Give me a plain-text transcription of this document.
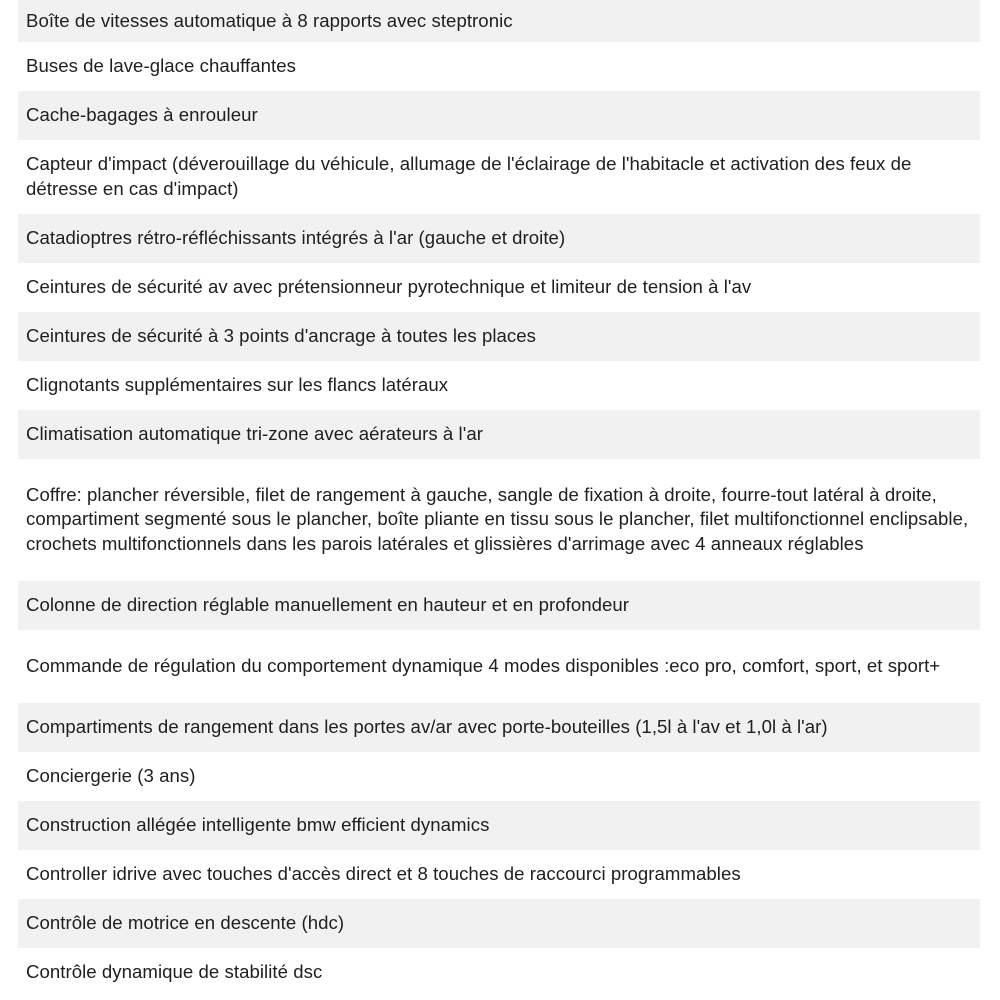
Boîte de vitesses automatique à 8 rapports avec steptronic
Buses de lave-glace chauffantes
Cache-bagages à enrouleur
Capteur d'impact (déverouillage du véhicule, allumage de l'éclairage de l'habitacle et activation des feux de détresse en cas d'impact)
Catadioptres rétro-réfléchissants intégrés à l'ar (gauche et droite)
Ceintures de sécurité av avec prétensionneur pyrotechnique et limiteur de tension à l'av
Ceintures de sécurité à 3 points d'ancrage à toutes les places
Clignotants supplémentaires sur les flancs latéraux
Climatisation automatique tri-zone avec aérateurs à l'ar
Coffre: plancher réversible, filet de rangement à gauche, sangle de fixation à droite, fourre-tout latéral à droite, compartiment segmenté sous le plancher, boîte pliante en tissu sous le plancher, filet multifonctionnel enclipsable, crochets multifonctionnels dans les parois latérales et glissières d'arrimage avec 4 anneaux réglables
Colonne de direction réglable manuellement en hauteur et en profondeur
Commande de régulation du comportement dynamique 4 modes disponibles :eco pro, comfort, sport, et sport+
Compartiments de rangement dans les portes av/ar avec porte-bouteilles (1,5l à l'av et 1,0l à l'ar)
Conciergerie (3 ans)
Construction allégée intelligente bmw efficient dynamics
Controller idrive avec touches d'accès direct et 8 touches de raccourci programmables
Contrôle de motrice en descente (hdc)
Contrôle dynamique de stabilité dsc
